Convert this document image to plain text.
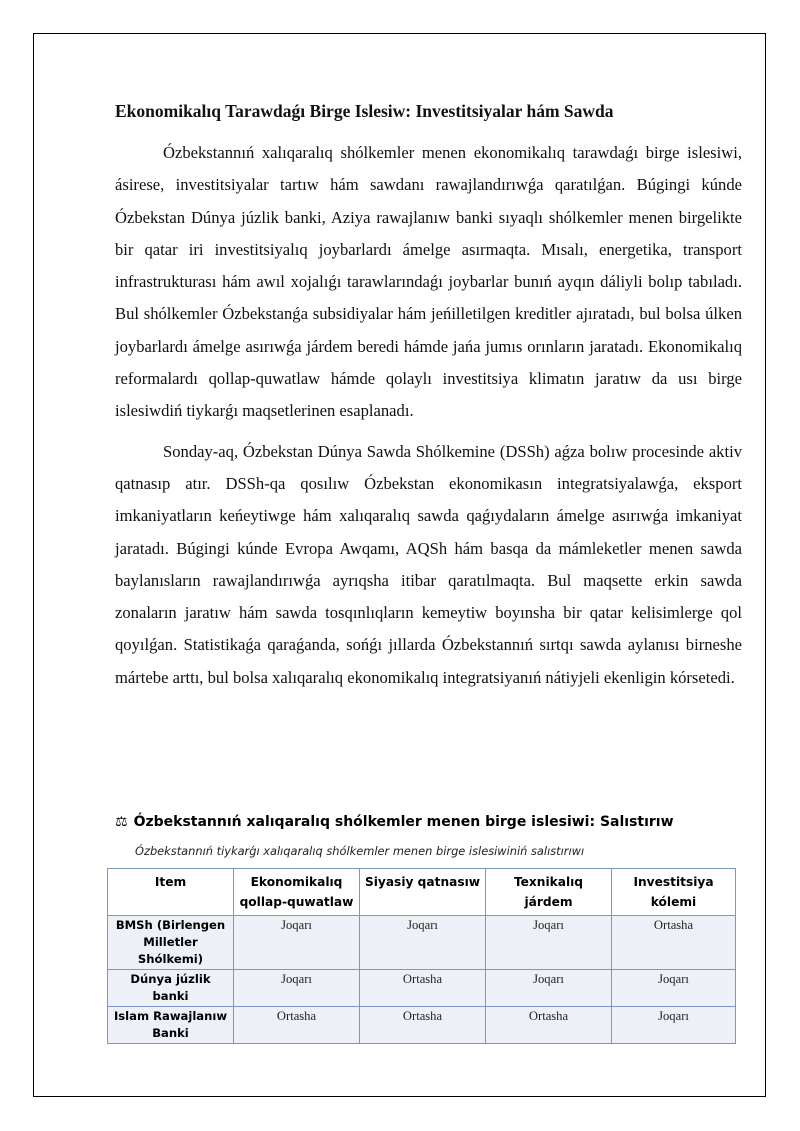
Ekonomikalıq Tarawdaǵı Birge Islesiw: Investitsiyalar hám Sawda

Ózbekstannıń xalıqaralıq shólkemler menen ekonomikalıq tarawdaǵı birge islesiwi, ásirese, investitsiyalar tartıw hám sawdanı rawajlandırıwǵa qaratılǵan. Búgingi kúnde Ózbekstan Dúnya júzlik banki, Aziya rawajlanıw banki sıyaqlı shólkemler menen birgelikte bir qatar iri investitsiyalıq joybarlardı ámelge asırmaqta. Mısalı, energetika, transport infrastrukturası hám awıl xojalıǵı tarawlarındaǵı joybarlar bunıń ayqın dáliyli bolıp tabıladı. Bul shólkemler Ózbekstanǵa subsidiyalar hám jeńilletilgen kreditler ajıratadı, bul bolsa úlken joybarlardı ámelge asırıwǵa járdem beredi hámde jańa jumıs orınların jaratadı. Ekonomikalıq reformalardı qollap-quwatlaw hámde qolaylı investitsiya klimatın jaratıw da usı birge islesiwdiń tiykarǵı maqsetlerinen esaplanadı.

Sonday-aq, Ózbekstan Dúnya Sawda Shólkemine (DSSh) aǵza bolıw procesinde aktiv qatnasıp atır. DSSh-qa qosılıw Ózbekstan ekonomikasın integratsiyalawǵa, eksport imkaniyatların keńeytiwge hám xalıqaralıq sawda qaǵıydaların ámelge asırıwǵa imkaniyat jaratadı. Búgingi kúnde Evropa Awqamı, AQSh hám basqa da mámleketler menen sawda baylanısların rawajlandırıwǵa ayrıqsha itibar qaratılmaqta. Bul maqsette erkin sawda zonaların jaratıw hám sawda tosqınlıqların kemeytiw boyınsha bir qatar kelisimlerge qol qoyılǵan. Statistikaǵa qaraǵanda, sońǵı jıllarda Ózbekstannıń sırtqı sawda aylanısı birneshe mártebe arttı, bul bolsa xalıqaralıq ekonomikalıq integratsiyanıń nátiyjeli ekenligin kórsetedi.

⚖ Ózbekstannıń xalıqaralıq shólkemler menen birge islesiwi: Salıstırıw

Ózbekstannıń tiykarǵı xalıqaralıq shólkemler menen birge islesiwiniń salıstırıwı

Item	Ekonomikalıq qollap-quwatlaw	Siyasiy qatnasıw	Texnikalıq járdem	Investitsiya kólemi
BMSh (Birlengen Milletler Shólkemi)	Joqarı	Joqarı	Joqarı	Ortasha
Dúnya júzlik banki	Joqarı	Ortasha	Joqarı	Joqarı
Islam Rawajlanıw Banki	Ortasha	Ortasha	Ortasha	Joqarı
